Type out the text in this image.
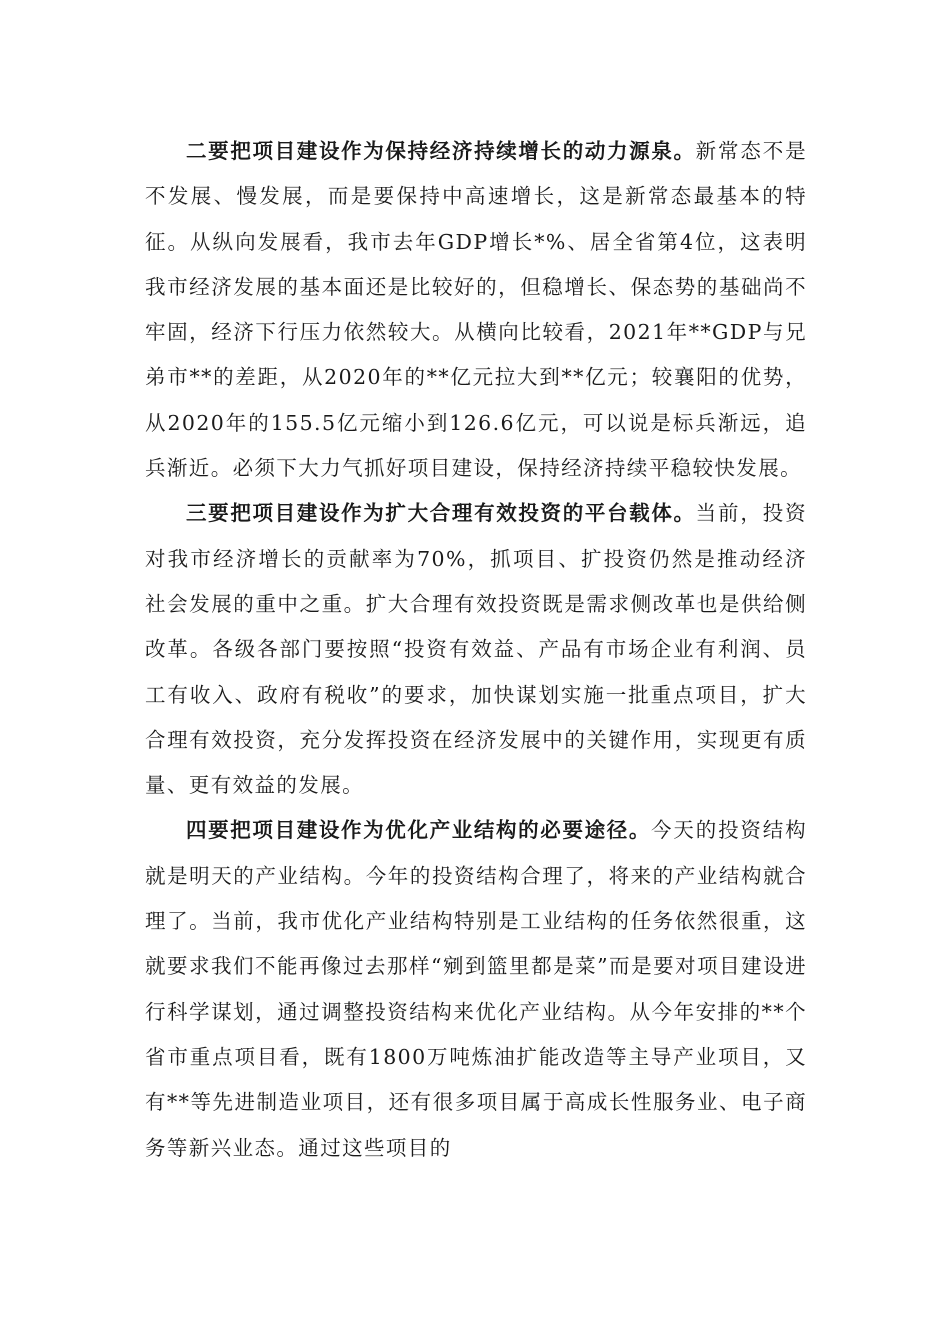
二要把项目建设作为保持经济持续增长的动力源泉。新常态不是不发展、慢发展，而是要保持中高速增长，这是新常态最基本的特征。从纵向发展看，我市去年GDP增长*%、居全省第4位，这表明我市经济发展的基本面还是比较好的，但稳增长、保态势的基础尚不牢固，经济下行压力依然较大。从横向比较看，2021年**GDP与兄弟市**的差距，从2020年的**亿元拉大到**亿元；较襄阳的优势，从2020年的155.5亿元缩小到126.6亿元，可以说是标兵渐远，追兵渐近。必须下大力气抓好项目建设，保持经济持续平稳较快发展。

三要把项目建设作为扩大合理有效投资的平台载体。当前，投资对我市经济增长的贡献率为70%，抓项目、扩投资仍然是推动经济社会发展的重中之重。扩大合理有效投资既是需求侧改革也是供给侧改革。各级各部门要按照“投资有效益、产品有市场企业有利润、员工有收入、政府有税收”的要求，加快谋划实施一批重点项目，扩大合理有效投资，充分发挥投资在经济发展中的关键作用，实现更有质量、更有效益的发展。

四要把项目建设作为优化产业结构的必要途径。今天的投资结构就是明天的产业结构。今年的投资结构合理了，将来的产业结构就合理了。当前，我市优化产业结构特别是工业结构的任务依然很重，这就要求我们不能再像过去那样“剜到篮里都是菜”而是要对项目建设进行科学谋划，通过调整投资结构来优化产业结构。从今年安排的**个省市重点项目看，既有1800万吨炼油扩能改造等主导产业项目，又有**等先进制造业项目，还有很多项目属于高成长性服务业、电子商务等新兴业态。通过这些项目的
